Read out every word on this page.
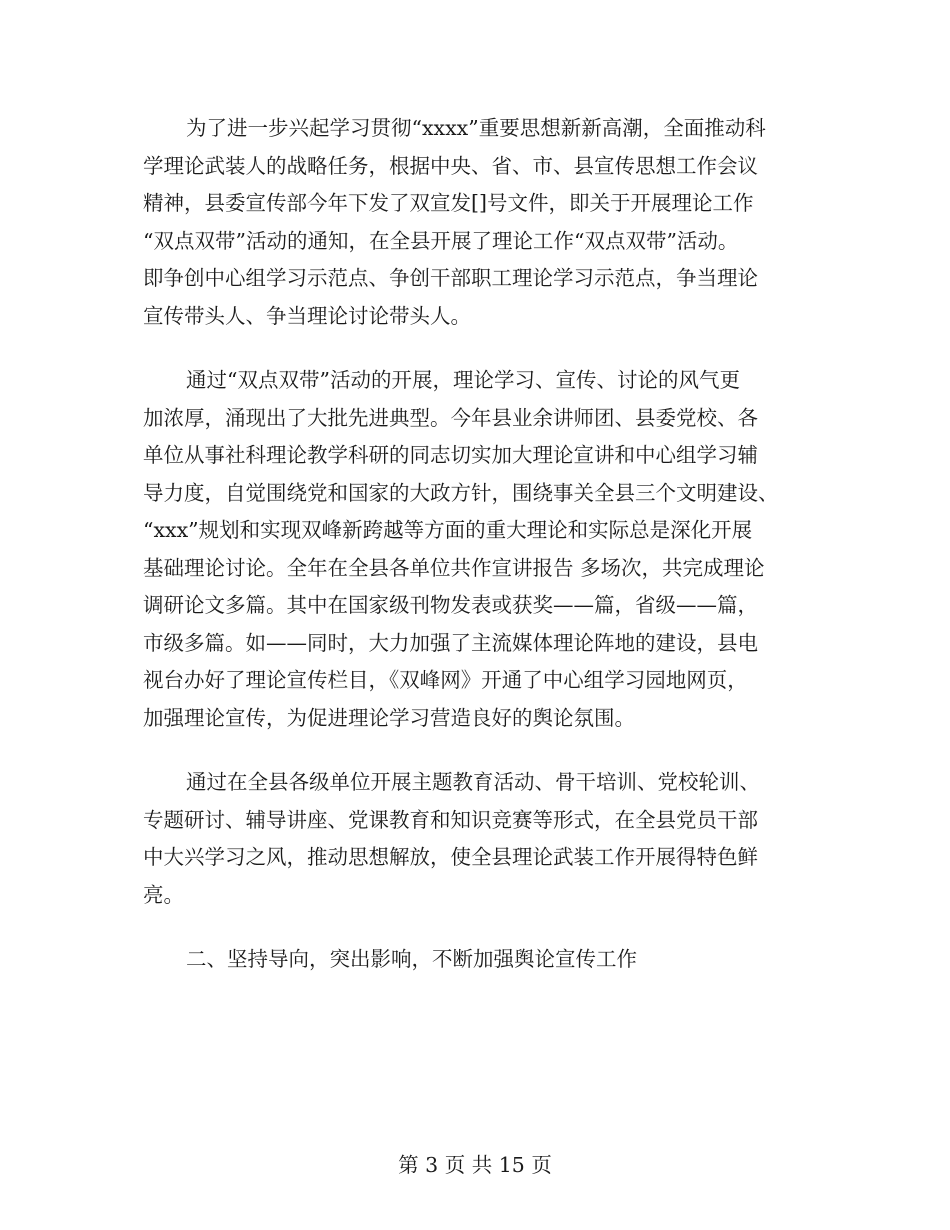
为了进一步兴起学习贯彻“xxxx”重要思想新新高潮，全面推动科
学理论武装人的战略任务，根据中央、省、市、县宣传思想工作会议
精神，县委宣传部今年下发了双宣发[]号文件，即关于开展理论工作
“双点双带”活动的通知，在全县开展了理论工作“双点双带”活动。
即争创中心组学习示范点、争创干部职工理论学习示范点，争当理论
宣传带头人、争当理论讨论带头人。

通过“双点双带”活动的开展，理论学习、宣传、讨论的风气更
加浓厚，涌现出了大批先进典型。今年县业余讲师团、县委党校、各
单位从事社科理论教学科研的同志切实加大理论宣讲和中心组学习辅
导力度，自觉围绕党和国家的大政方针，围绕事关全县三个文明建设、
“xxx”规划和实现双峰新跨越等方面的重大理论和实际总是深化开展
基础理论讨论。全年在全县各单位共作宣讲报告 多场次，共完成理论
调研论文多篇。其中在国家级刊物发表或获奖——篇，省级——篇，
市级多篇。如——同时，大力加强了主流媒体理论阵地的建设，县电
视台办好了理论宣传栏目，《双峰网》开通了中心组学习园地网页，
加强理论宣传，为促进理论学习营造良好的舆论氛围。

通过在全县各级单位开展主题教育活动、骨干培训、党校轮训、
专题研讨、辅导讲座、党课教育和知识竞赛等形式，在全县党员干部
中大兴学习之风，推动思想解放，使全县理论武装工作开展得特色鲜
亮。

二、坚持导向，突出影响，不断加强舆论宣传工作

第 3 页 共 15 页
